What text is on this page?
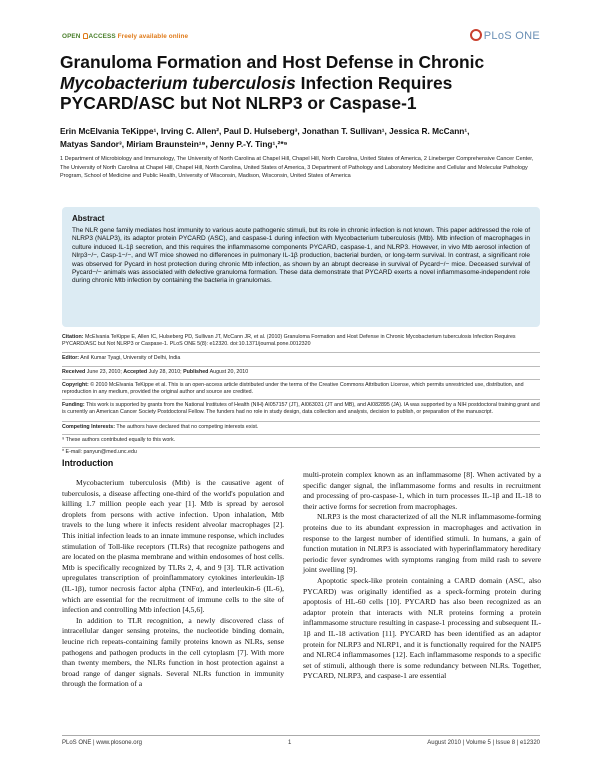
OPEN ACCESS Freely available online	PLoS ONE
Granuloma Formation and Host Defense in Chronic
Mycobacterium tuberculosis Infection Requires
PYCARD/ASC but Not NLRP3 or Caspase-1
Erin McElvania TeKippe¹, Irving C. Allen², Paul D. Hulseberg³, Jonathan T. Sullivan¹, Jessica R. McCann¹,
Matyas Sandor³, Miriam Braunstein¹⁹, Jenny P.-Y. Ting¹,²*⁹
1 Department of Microbiology and Immunology, The University of North Carolina at Chapel Hill, Chapel Hill, North Carolina, United States of America, 2 Lineberger Comprehensive Cancer Center, The University of North Carolina at Chapel Hill, Chapel Hill, North Carolina, United States of America, 3 Department of Pathology and Laboratory Medicine and Cellular and Molecular Pathology Program, School of Medicine and Public Health, University of Wisconsin, Madison, Wisconsin, United States of America
Abstract
The NLR gene family mediates host immunity to various acute pathogenic stimuli, but its role in chronic infection is not known. This paper addressed the role of NLRP3 (NALP3), its adaptor protein PYCARD (ASC), and caspase-1 during infection with Mycobacterium tuberculosis (Mtb). Mtb infection of macrophages in culture induced IL-1β secretion, and this requires the inflammasome components PYCARD, caspase-1, and NLRP3. However, in vivo Mtb aerosol infection of Nlrp3−/−, Casp-1−/−, and WT mice showed no differences in pulmonary IL-1β production, bacterial burden, or long-term survival. In contrast, a significant role was observed for Pycard in host protection during chronic Mtb infection, as shown by an abrupt decrease in survival of Pycard−/− mice. Deceased survival of Pycard−/− animals was associated with defective granuloma formation. These data demonstrate that PYCARD exerts a novel inflammasome-independent role during chronic Mtb infection by containing the bacteria in granulomas.
Citation: McElvania TeKippe E, Allen IC, Hulseberg PD, Sullivan JT, McCann JR, et al. (2010) Granuloma Formation and Host Defense in Chronic Mycobacterium tuberculosis Infection Requires PYCARD/ASC but Not NLRP3 or Caspase-1. PLoS ONE 5(8): e12320. doi:10.1371/journal.pone.0012320
Editor: Anil Kumar Tyagi, University of Delhi, India
Received June 23, 2010; Accepted July 28, 2010; Published August 20, 2010
Copyright: © 2010 McElvania TeKippe et al. This is an open-access article distributed under the terms of the Creative Commons Attribution License, which permits unrestricted use, distribution, and reproduction in any medium, provided the original author and source are credited.
Funding: This work is supported by grants from the National Institutes of Health (NIH) AI057157 (JT), AI063031 (JT and MB), and AI082895 (JA). IA was supported by a NIH postdoctoral training grant and is currently an American Cancer Society Postdoctoral Fellow. The funders had no role in study design, data collection and analysis, decision to publish, or preparation of the manuscript.
Competing Interests: The authors have declared that no competing interests exist.
⁹ These authors contributed equally to this work.
* E-mail: panyun@med.unc.edu
Introduction

Mycobacterium tuberculosis (Mtb) is the causative agent of tuberculosis, a disease affecting one-third of the world's population and killing 1.7 million people each year [1]. Mtb is spread by aerosol droplets from persons with active infection. Upon inhalation, Mtb travels to the lung where it infects resident alveolar macrophages [2]. This initial infection leads to an innate immune response, which includes stimulation of Toll-like receptors (TLRs) that recognize pathogens and are located on the plasma membrane and within endosomes of host cells. Mtb is specifically recognized by TLRs 2, 4, and 9 [3]. TLR activation upregulates transcription of proinflammatory cytokines interleukin-1β (IL-1β), tumor necrosis factor alpha (TNFα), and interleukin-6 (IL-6), which are essential for the recruitment of immune cells to the site of infection and controlling Mtb infection [4,5,6].

In addition to TLR recognition, a newly discovered class of intracellular danger sensing proteins, the nucleotide binding domain, leucine rich repeats-containing family proteins known as NLRs, sense pathogens and pathogen products in the cell cytoplasm [7]. With more than twenty members, the NLRs function in host protection against a broad range of danger signals. Several NLRs function in immunity through the formation of a

multi-protein complex known as an inflammasome [8]. When activated by a specific danger signal, the inflammasome forms and results in recruitment and processing of pro-caspase-1, which in turn processes IL-1β and IL-18 to their active forms for secretion from macrophages.

NLRP3 is the most characterized of all the NLR inflammasome-forming proteins due to its abundant expression in macrophages and activation in response to the largest number of identified stimuli. In humans, a gain of function mutation in NLRP3 is associated with hyperinflammatory hereditary periodic fever syndromes with symptoms ranging from mild rash to severe joint swelling [9].

Apoptotic speck-like protein containing a CARD domain (ASC, also PYCARD) was originally identified as a speck-forming protein during apoptosis of HL-60 cells [10]. PYCARD has also been recognized as an adaptor protein that interacts with NLR proteins forming a protein inflammasome structure resulting in caspase-1 processing and subsequent IL-1β and IL-18 activation [11]. PYCARD has been identified as an adaptor protein for NLRP3 and NLRP1, and it is functionally required for the NAIP5 and NLRC4 inflammasomes [12]. Each inflammasome responds to a specific set of stimuli, although there is some redundancy between NLRs. Together, PYCARD, NLRP3, and caspase-1 are essential

PLoS ONE | www.plosone.org	1	August 2010 | Volume 5 | Issue 8 | e12320
